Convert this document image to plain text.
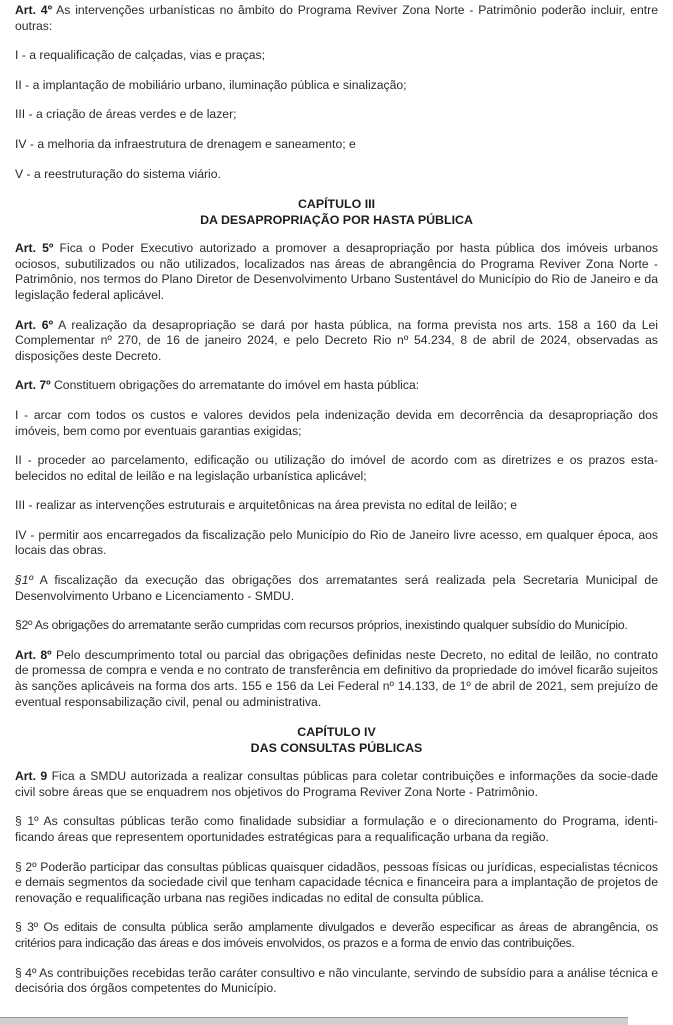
Art. 4º As intervenções urbanísticas no âmbito do Programa Reviver Zona Norte - Patrimônio poderão incluir, entre outras:

I - a requalificação de calçadas, vias e praças;

II - a implantação de mobiliário urbano, iluminação pública e sinalização;

III - a criação de áreas verdes e de lazer;

IV - a melhoria da infraestrutura de drenagem e saneamento; e

V - a reestruturação do sistema viário.

CAPÍTULO III
DA DESAPROPRIAÇÃO POR HASTA PÚBLICA

Art. 5º Fica o Poder Executivo autorizado a promover a desapropriação por hasta pública dos imóveis urbanos ociosos, subutilizados ou não utilizados, localizados nas áreas de abrangência do Programa Reviver Zona Norte - Patrimônio, nos termos do Plano Diretor de Desenvolvimento Urbano Sustentável do Município do Rio de Janeiro e da legislação federal aplicável.

Art. 6º A realização da desapropriação se dará por hasta pública, na forma prevista nos arts. 158 a 160 da Lei Complementar nº 270, de 16 de janeiro 2024, e pelo Decreto Rio nº 54.234, 8 de abril de 2024, observadas as disposições deste Decreto.

Art. 7º Constituem obrigações do arrematante do imóvel em hasta pública:

I - arcar com todos os custos e valores devidos pela indenização devida em decorrência da desapropriação dos imóveis, bem como por eventuais garantias exigidas;

II - proceder ao parcelamento, edificação ou utilização do imóvel de acordo com as diretrizes e os prazos esta-belecidos no edital de leilão e na legislação urbanística aplicável;

III - realizar as intervenções estruturais e arquitetônicas na área prevista no edital de leilão; e

IV - permitir aos encarregados da fiscalização pelo Município do Rio de Janeiro livre acesso, em qualquer época, aos locais das obras.

§1º A fiscalização da execução das obrigações dos arrematantes será realizada pela Secretaria Municipal de Desenvolvimento Urbano e Licenciamento - SMDU.

§2º As obrigações do arrematante serão cumpridas com recursos próprios, inexistindo qualquer subsídio do Município.

Art. 8º Pelo descumprimento total ou parcial das obrigações definidas neste Decreto, no edital de leilão, no contrato de promessa de compra e venda e no contrato de transferência em definitivo da propriedade do imóvel ficarão sujeitos às sanções aplicáveis na forma dos arts. 155 e 156 da Lei Federal nº 14.133, de 1º de abril de 2021, sem prejuízo de eventual responsabilização civil, penal ou administrativa.

CAPÍTULO IV
DAS CONSULTAS PÚBLICAS

Art. 9 Fica a SMDU autorizada a realizar consultas públicas para coletar contribuições e informações da socie-dade civil sobre áreas que se enquadrem nos objetivos do Programa Reviver Zona Norte - Patrimônio.

§ 1º As consultas públicas terão como finalidade subsidiar a formulação e o direcionamento do Programa, identi-ficando áreas que representem oportunidades estratégicas para a requalificação urbana da região.

§ 2º Poderão participar das consultas públicas quaisquer cidadãos, pessoas físicas ou jurídicas, especialistas técnicos e demais segmentos da sociedade civil que tenham capacidade técnica e financeira para a implantação de projetos de renovação e requalificação urbana nas regiões indicadas no edital de consulta pública.

§ 3º Os editais de consulta pública serão amplamente divulgados e deverão especificar as áreas de abrangência, os critérios para indicação das áreas e dos imóveis envolvidos, os prazos e a forma de envio das contribuições.

§ 4º As contribuições recebidas terão caráter consultivo e não vinculante, servindo de subsídio para a análise técnica e decisória dos órgãos competentes do Município.
